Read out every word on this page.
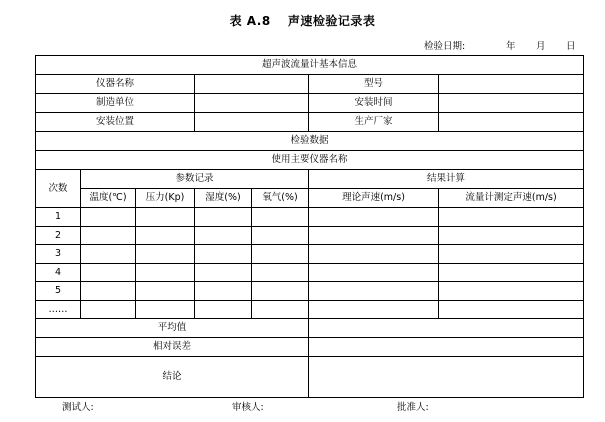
表 A.8  声速检验记录表
检验日期:	年 月 日
超声波流量计基本信息						
仪器名称					型号	
制造单位					安装时间	
安装位置					生产厂家	
检验数据						
使用主要仪器名称						
次数	参数记录				结果计算	
	温度(℃)	压力(Kp)	湿度(%)	氧气(%)	理论声速(m/s)	流量计测定声速(m/s)
1						
2						
3						
4						
5						
……						
平均值						
相对误差						
结论						
测试人:	审核人:	批准人:
